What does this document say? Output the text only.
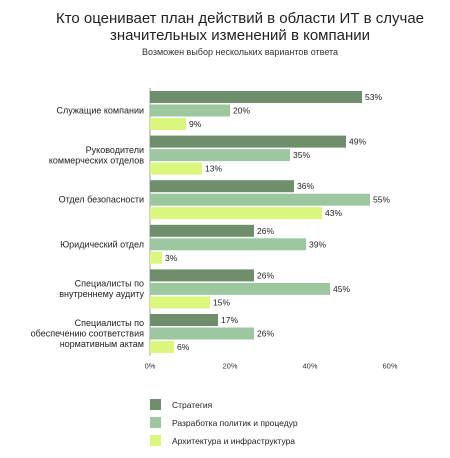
Кто оценивает план действий в области ИТ в случае
значительных изменений в компании
Возможен выбор нескольких вариантов ответа
0%	20%	40%	60%
53%
20%
9%
Служащие компании
49%
35%
13%
Руководители
коммерческих отделов
36%
55%
43%
Отдел безопасности
26%
39%
3%
Юридический отдел
26%
45%
15%
Специалисты по
внутреннему аудиту
17%
26%
6%
Специалисты по
обеспечению соответствия
нормативным актам
Стратегия
Разработка политик и процедур
Архитектура и инфраструктура
